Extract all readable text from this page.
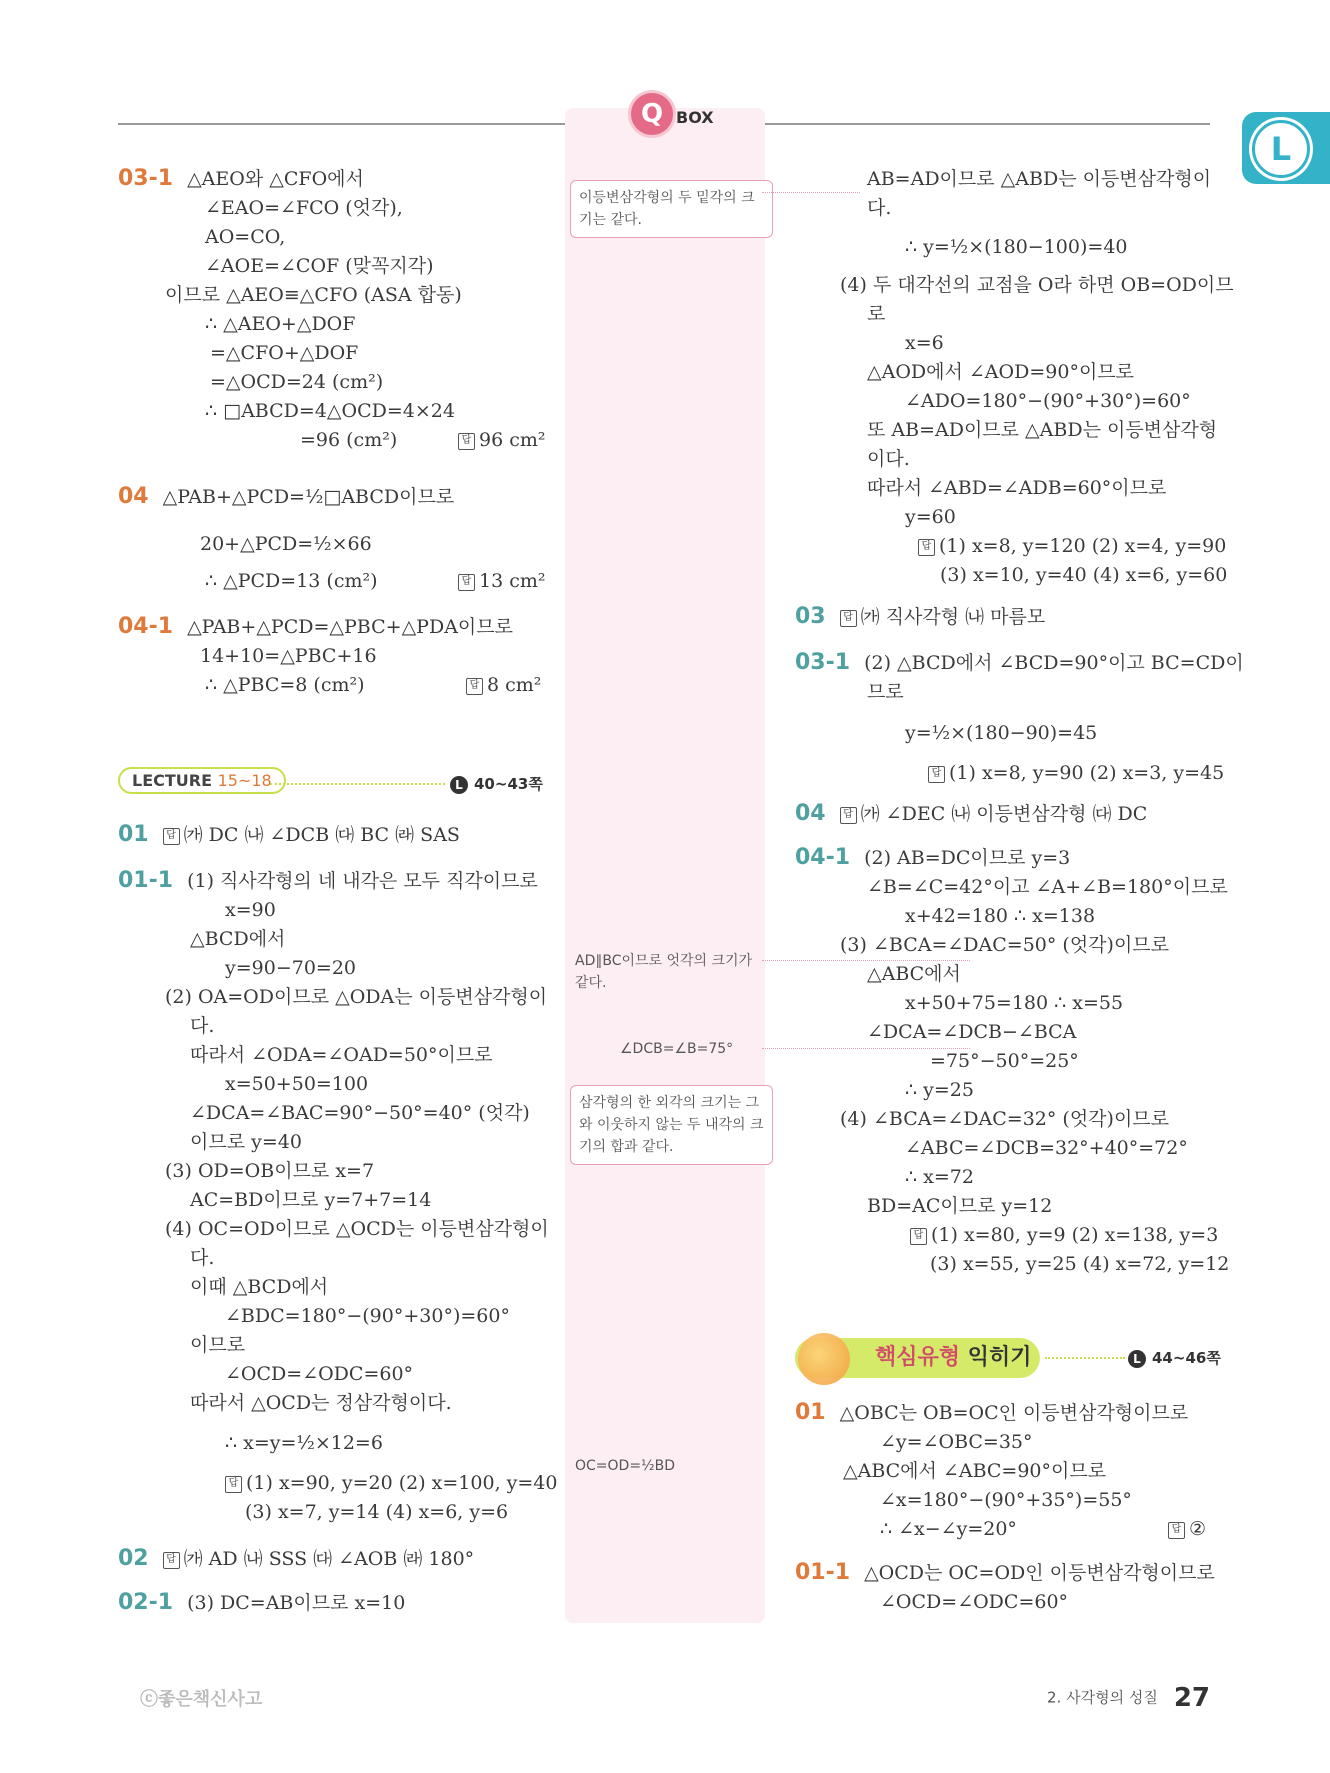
Q BOX
L
03-1 △AEO와 △CFO에서
∠EAO=∠FCO (엇각),
AO=CO,
∠AOE=∠COF (맞꼭지각)
이므로 △AEO≡△CFO (ASA 합동)
∴ △AEO+△DOF
=△CFO+△DOF
=△OCD=24 (cm²)
∴ □ABCD=4△OCD=4×24
=96 (cm²)	답 96 cm²
04 △PAB+△PCD=½□ABCD이므로
20+△PCD=½×66
∴ △PCD=13 (cm²)	답 13 cm²
04-1 △PAB+△PCD=△PBC+△PDA이므로
14+10=△PBC+16
∴ △PBC=8 (cm²)	답 8 cm²
01 답 ㈎ DC ㈏ ∠DCB ㈐ BC ㈑ SAS
01-1 (1) 직사각형의 네 내각은 모두 직각이므로
x=90
△BCD에서
y=90−70=20
(2) OA=OD이므로 △ODA는 이등변삼각형이
다.
따라서 ∠ODA=∠OAD=50°이므로
x=50+50=100
∠DCA=∠BAC=90°−50°=40° (엇각)
이므로 y=40
(3) OD=OB이므로 x=7
AC=BD이므로 y=7+7=14
(4) OC=OD이므로 △OCD는 이등변삼각형이
다.
이때 △BCD에서
∠BDC=180°−(90°+30°)=60°
이므로
∠OCD=∠ODC=60°
따라서 △OCD는 정삼각형이다.
∴ x=y=½×12=6
답 (1) x=90, y=20 (2) x=100, y=40
(3) x=7, y=14 (4) x=6, y=6
02 답 ㈎ AD ㈏ SSS ㈐ ∠AOB ㈑ 180°
02-1 (3) DC=AB이므로 x=10
이등변삼각형의 두 밑각의 크기는 같다.
AD∥BC이므로 엇각의 크기가 같다.
∠DCB=∠B=75°
삼각형의 한 외각의 크기는 그와 이웃하지 않는 두 내각의 크기의 합과 같다.
OC=OD=½BD
AB=AD이므로 △ABD는 이등변삼각형이
다.
∴ y=½×(180−100)=40
(4) 두 대각선의 교점을 O라 하면 OB=OD이므
로
x=6
△AOD에서 ∠AOD=90°이므로
∠ADO=180°−(90°+30°)=60°
또 AB=AD이므로 △ABD는 이등변삼각형
이다.
따라서 ∠ABD=∠ADB=60°이므로
y=60
답 (1) x=8, y=120 (2) x=4, y=90
(3) x=10, y=40 (4) x=6, y=60
03 답 ㈎ 직사각형 ㈏ 마름모
03-1 (2) △BCD에서 ∠BCD=90°이고 BC=CD이
므로
y=½×(180−90)=45
답 (1) x=8, y=90 (2) x=3, y=45
04 답 ㈎ ∠DEC ㈏ 이등변삼각형 ㈐ DC
04-1 (2) AB=DC이므로 y=3
∠B=∠C=42°이고 ∠A+∠B=180°이므로
x+42=180 ∴ x=138
(3) ∠BCA=∠DAC=50° (엇각)이므로
△ABC에서
x+50+75=180 ∴ x=55
∠DCA=∠DCB−∠BCA
=75°−50°=25°
∴ y=25
(4) ∠BCA=∠DAC=32° (엇각)이므로
∠ABC=∠DCB=32°+40°=72°
∴ x=72
BD=AC이므로 y=12
답 (1) x=80, y=9 (2) x=138, y=3
(3) x=55, y=25 (4) x=72, y=12
01 △OBC는 OB=OC인 이등변삼각형이므로
∠y=∠OBC=35°
△ABC에서 ∠ABC=90°이므로
∠x=180°−(90°+35°)=55°
∴ ∠x−∠y=20°	답 ②
01-1 △OCD는 OC=OD인 이등변삼각형이므로
∠OCD=∠ODC=60°
LECTURE 15~18	L 40~43쪽
핵심유형 익히기	L 44~46쪽
ⓒ좋은책신사고	2. 사각형의 성질 27
